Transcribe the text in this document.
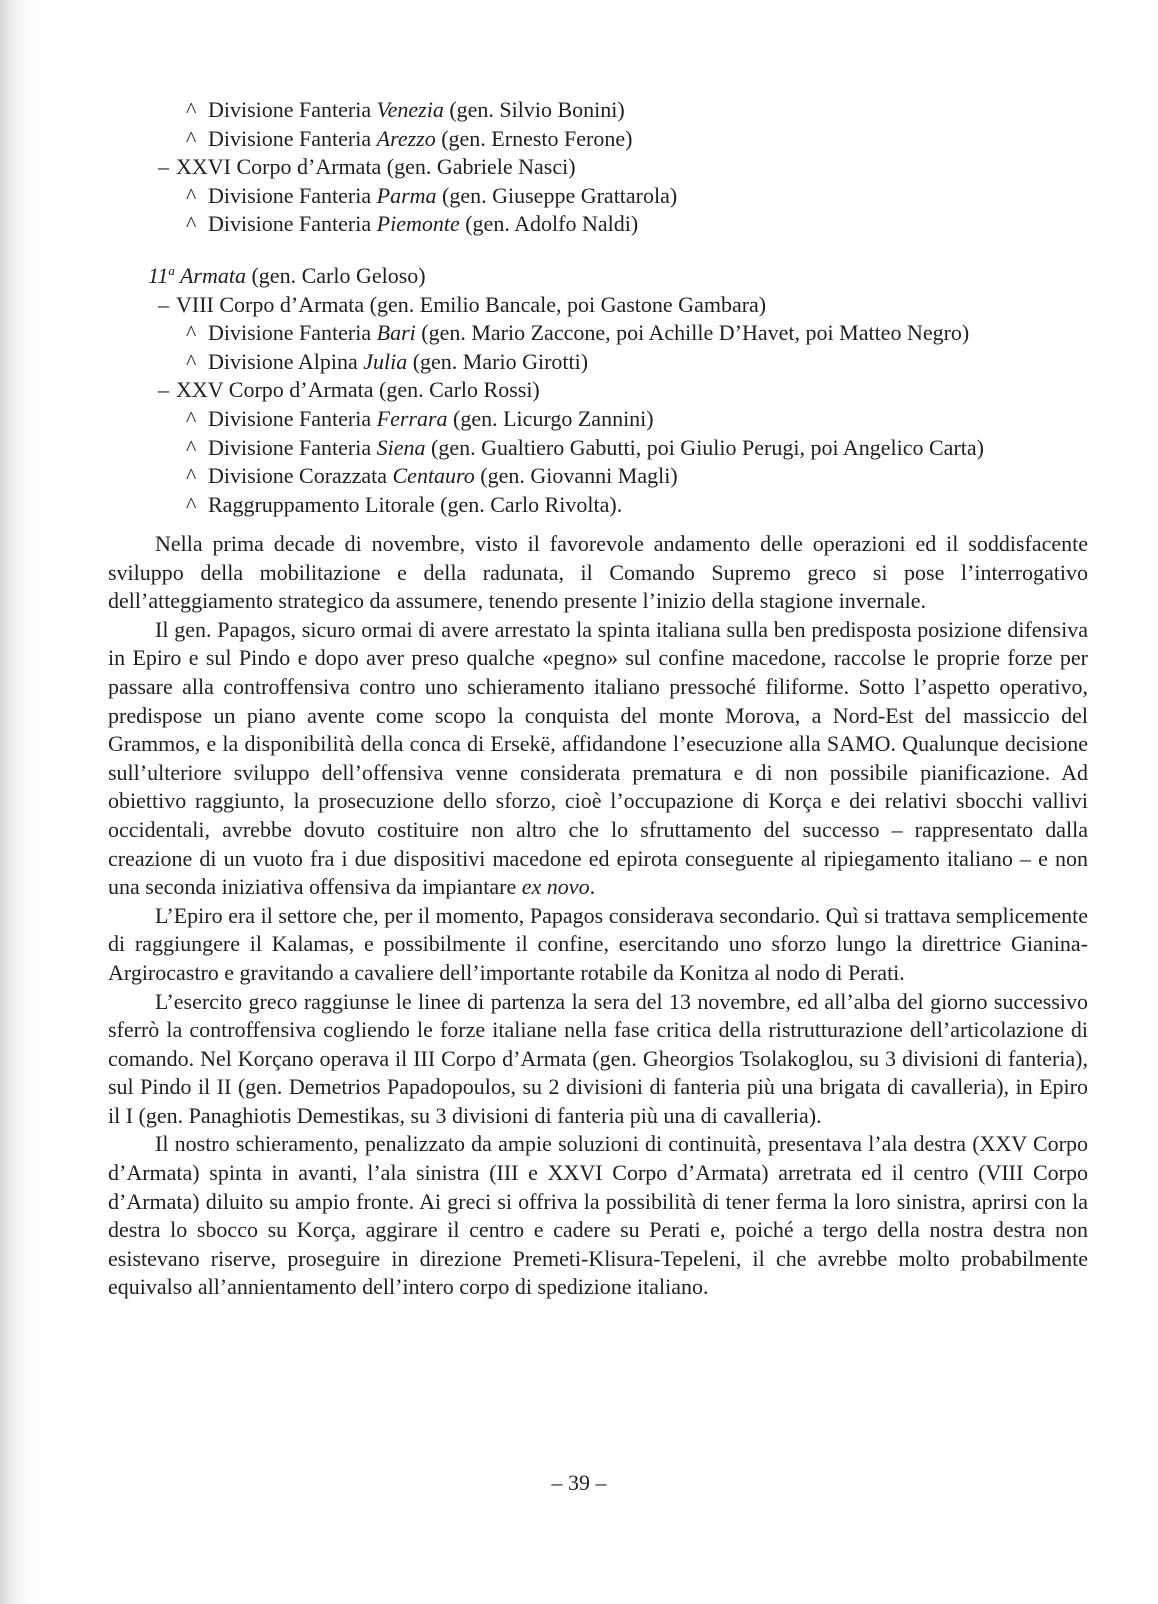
^ Divisione Fanteria Venezia (gen. Silvio Bonini)
^ Divisione Fanteria Arezzo (gen. Ernesto Ferone)
– XXVI Corpo d’Armata (gen. Gabriele Nasci)
^ Divisione Fanteria Parma (gen. Giuseppe Grattarola)
^ Divisione Fanteria Piemonte (gen. Adolfo Naldi)
11$^a$ Armata (gen. Carlo Geloso)
– VIII Corpo d’Armata (gen. Emilio Bancale, poi Gastone Gambara)
^ Divisione Fanteria Bari (gen. Mario Zaccone, poi Achille D’Havet, poi Matteo Negro)
^ Divisione Alpina Julia (gen. Mario Girotti)
– XXV Corpo d’Armata (gen. Carlo Rossi)
^ Divisione Fanteria Ferrara (gen. Licurgo Zannini)
^ Divisione Fanteria Siena (gen. Gualtiero Gabutti, poi Giulio Perugi, poi Angelico Carta)
^ Divisione Corazzata Centauro (gen. Giovanni Magli)
^ Raggruppamento Litorale (gen. Carlo Rivolta).

Nella prima decade di novembre, visto il favorevole andamento delle operazioni ed il soddisfacente sviluppo della mobilitazione e della radunata, il Comando Supremo greco si pose l’interrogativo dell’atteggiamento strategico da assumere, tenendo presente l’inizio della stagione invernale.

Il gen. Papagos, sicuro ormai di avere arrestato la spinta italiana sulla ben predisposta posizione difensiva in Epiro e sul Pindo e dopo aver preso qualche «pegno» sul confine macedone, raccolse le proprie forze per passare alla controffensiva contro uno schieramento italiano pressoché filiforme. Sotto l’aspetto operativo, predispose un piano avente come scopo la conquista del monte Morova, a Nord-Est del massiccio del Grammos, e la disponibilità della conca di Ersekë, affidandone l’esecuzione alla SAMO. Qualunque decisione sull’ulteriore sviluppo dell’offensiva venne considerata prematura e di non possibile pianificazione. Ad obiettivo raggiunto, la prosecuzione dello sforzo, cioè l’occupazione di Korça e dei relativi sbocchi vallivi occidentali, avrebbe dovuto costituire non altro che lo sfruttamento del successo – rappresentato dalla creazione di un vuoto fra i due dispositivi macedone ed epirota conseguente al ripiegamento italiano – e non una seconda iniziativa offensiva da impiantare ex novo.

L’Epiro era il settore che, per il momento, Papagos considerava secondario. Quì si trattava semplicemente di raggiungere il Kalamas, e possibilmente il confine, esercitando uno sforzo lungo la direttrice Gianina-Argirocastro e gravitando a cavaliere dell’importante rotabile da Konitza al nodo di Perati.

L’esercito greco raggiunse le linee di partenza la sera del 13 novembre, ed all’alba del giorno successivo sferrò la controffensiva cogliendo le forze italiane nella fase critica della ristrutturazione dell’articolazione di comando. Nel Korçano operava il III Corpo d’Armata (gen. Gheorgios Tsolakoglou, su 3 divisioni di fanteria), sul Pindo il II (gen. Demetrios Papadopoulos, su 2 divisioni di fanteria più una brigata di cavalleria), in Epiro il I (gen. Panaghiotis Demestikas, su 3 divisioni di fanteria più una di cavalleria).

Il nostro schieramento, penalizzato da ampie soluzioni di continuità, presentava l’ala destra (XXV Corpo d’Armata) spinta in avanti, l’ala sinistra (III e XXVI Corpo d’Armata) arretrata ed il centro (VIII Corpo d’Armata) diluito su ampio fronte. Ai greci si offriva la possibilità di tener ferma la loro sinistra, aprirsi con la destra lo sbocco su Korça, aggirare il centro e cadere su Perati e, poiché a tergo della nostra destra non esistevano riserve, proseguire in direzione Premeti-Klisura-Tepeleni, il che avrebbe molto probabilmente equivalso all’annientamento dell’intero corpo di spedizione italiano.

– 39 –
